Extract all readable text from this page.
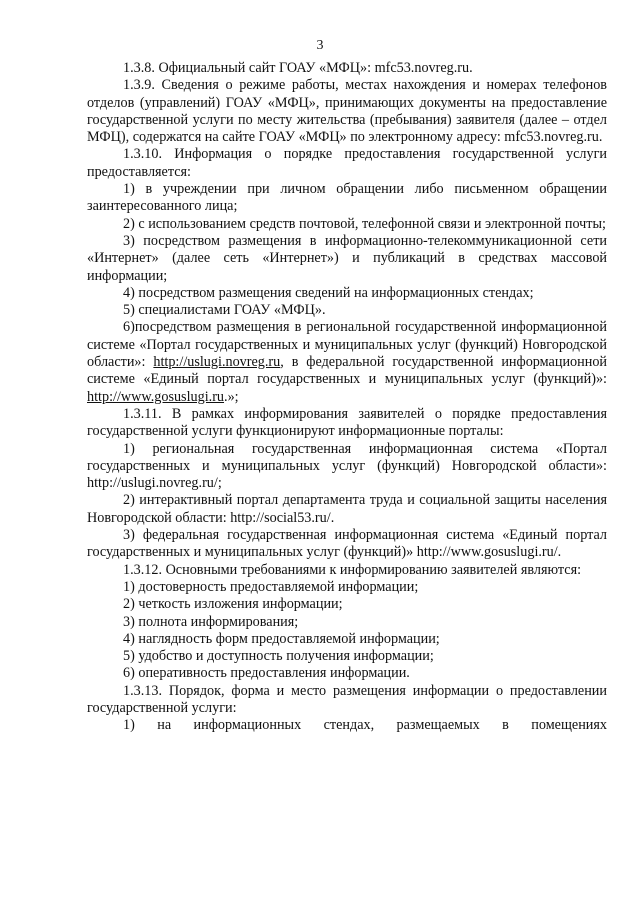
3

1.3.8. Официальный сайт ГОАУ «МФЦ»: mfc53.novreg.ru.

1.3.9. Сведения о режиме работы, местах нахождения и номерах телефонов отделов (управлений) ГОАУ «МФЦ», принимающих документы на предоставление государственной услуги по месту жительства (пребывания) заявителя (далее – отдел МФЦ), содержатся на сайте ГОАУ «МФЦ» по электронному адресу: mfc53.novreg.ru.

1.3.10. Информация о порядке предоставления государственной услуги предоставляется:

1) в учреждении при личном обращении либо письменном обращении заинтересованного лица;

2) с использованием средств почтовой, телефонной связи и электронной почты;

3) посредством размещения в информационно-телекоммуникационной сети «Интернет» (далее сеть «Интернет») и публикаций в средствах массовой информации;

4) посредством размещения сведений на информационных стендах;

5) специалистами ГОАУ «МФЦ».

6)посредством размещения в региональной государственной информационной системе «Портал государственных и муниципальных услуг (функций) Новгородской области»: http://uslugi.novreg.ru, в федеральной государственной информационной системе «Единый портал государственных и муниципальных услуг (функций)»: http://www.gosuslugi.ru.»;

1.3.11. В рамках информирования заявителей о порядке предоставления государственной услуги функционируют информационные порталы:

1) региональная государственная информационная система «Портал государственных и муниципальных услуг (функций) Новгородской области»: http://uslugi.novreg.ru/;

2) интерактивный портал департамента труда и социальной защиты населения Новгородской области: http://social53.ru/.

3) федеральная государственная информационная система «Единый портал государственных и муниципальных услуг (функций)» http://www.gosuslugi.ru/.

1.3.12. Основными требованиями к информированию заявителей являются:

1) достоверность предоставляемой информации;

2) четкость изложения информации;

3) полнота информирования;

4) наглядность форм предоставляемой информации;

5) удобство и доступность получения информации;

6) оперативность предоставления информации.

1.3.13. Порядок, форма и место размещения информации о предоставлении государственной услуги:

1) на информационных стендах, размещаемых в помещениях
